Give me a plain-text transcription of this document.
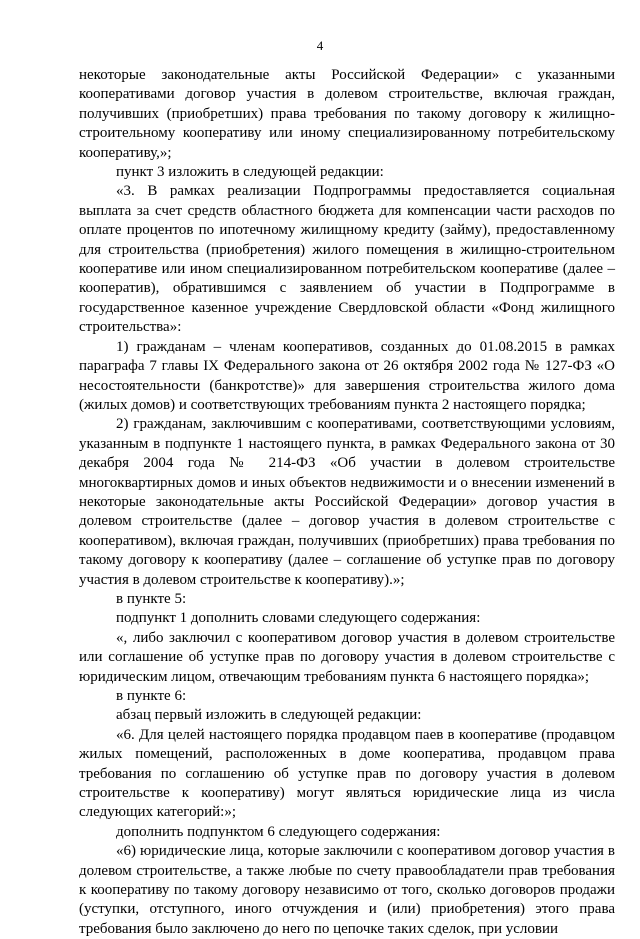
4

некоторые законодательные акты Российской Федерации» с указанными кооперативами договор участия в долевом строительстве, включая граждан, получивших (приобретших) права требования по такому договору к жилищно-строительному кооперативу или иному специализированному потребительскому кооперативу,»;

пункт 3 изложить в следующей редакции:

«3. В рамках реализации Подпрограммы предоставляется социальная выплата за счет средств областного бюджета для компенсации части расходов по оплате процентов по ипотечному жилищному кредиту (займу), предоставленному для строительства (приобретения) жилого помещения в жилищно-строительном кооперативе или ином специализированном потребительском кооперативе (далее – кооператив), обратившимся с заявлением об участии в Подпрограмме в государственное казенное учреждение Свердловской области «Фонд жилищного строительства»:

1) гражданам – членам кооперативов, созданных до 01.08.2015 в рамках параграфа 7 главы IX Федерального закона от 26 октября 2002 года № 127-ФЗ «О несостоятельности (банкротстве)» для завершения строительства жилого дома (жилых домов) и соответствующих требованиям пункта 2 настоящего порядка;

2) гражданам, заключившим с кооперативами, соответствующими условиям, указанным в подпункте 1 настоящего пункта, в рамках Федерального закона от 30 декабря 2004 года № 214-ФЗ «Об участии в долевом строительстве многоквартирных домов и иных объектов недвижимости и о внесении изменений в некоторые законодательные акты Российской Федерации» договор участия в долевом строительстве (далее – договор участия в долевом строительстве с кооперативом), включая граждан, получивших (приобретших) права требования по такому договору к кооперативу (далее – соглашение об уступке прав по договору участия в долевом строительстве к кооперативу).»;

в пункте 5:

подпункт 1 дополнить словами следующего содержания:

«, либо заключил с кооперативом договор участия в долевом строительстве или соглашение об уступке прав по договору участия в долевом строительстве с юридическим лицом, отвечающим требованиям пункта 6 настоящего порядка»;

в пункте 6:

абзац первый изложить в следующей редакции:

«6. Для целей настоящего порядка продавцом паев в кооперативе (продавцом жилых помещений, расположенных в доме кооператива, продавцом права требования по соглашению об уступке прав по договору участия в долевом строительстве к кооперативу) могут являться юридические лица из числа следующих категорий:»;

дополнить подпунктом 6 следующего содержания:

«6) юридические лица, которые заключили с кооперативом договор участия в долевом строительстве, а также любые по счету правообладатели прав требования к кооперативу по такому договору независимо от того, сколько договоров продажи (уступки, отступного, иного отчуждения и (или) приобретения) этого права требования было заключено до него по цепочке таких сделок, при условии
